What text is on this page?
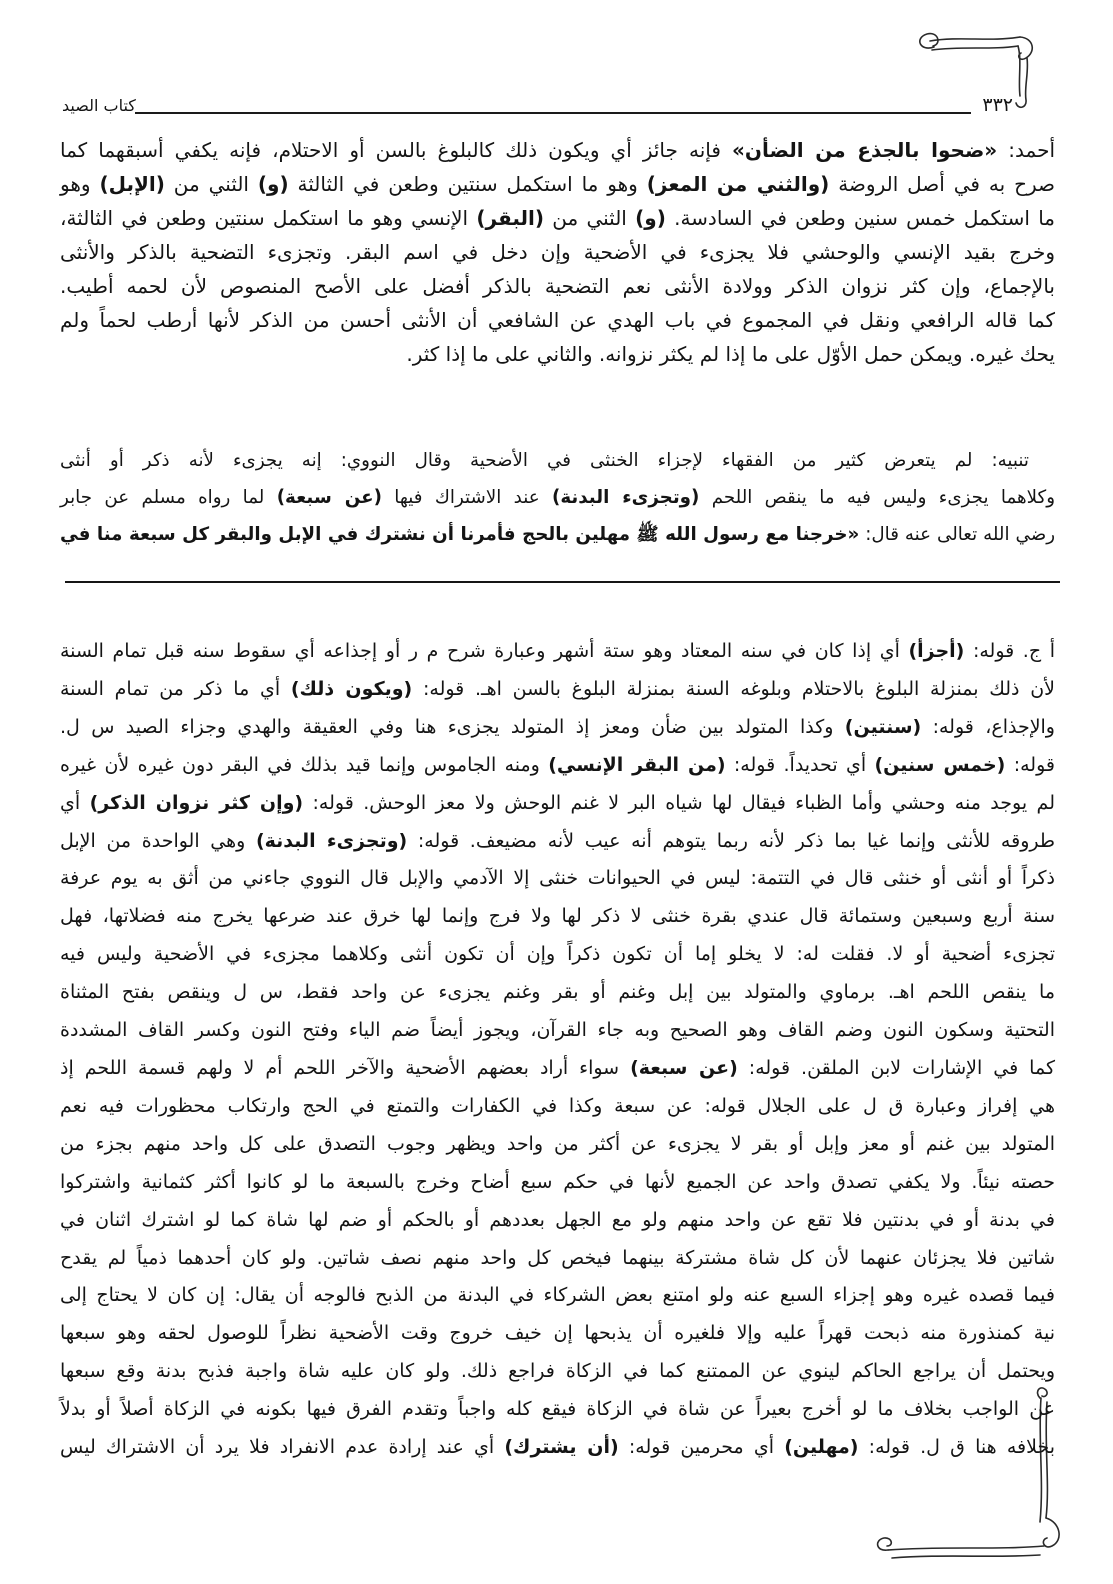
٣٣٢
كتاب الصيد
أحمد: «ضحوا بالجذع من الضأن» فإنه جائز أي ويكون ذلك كالبلوغ بالسن أو الاحتلام، فإنه يكفي أسبقهما كما
صرح به في أصل الروضة (والثني من المعز) وهو ما استكمل سنتين وطعن في الثالثة (و) الثني من (الإبل) وهو
ما استكمل خمس سنين وطعن في السادسة. (و) الثني من (البقر) الإنسي وهو ما استكمل سنتين وطعن في الثالثة،
وخرج بقيد الإنسي والوحشي فلا يجزىء في الأضحية وإن دخل في اسم البقر. وتجزىء التضحية بالذكر والأنثى
بالإجماع، وإن كثر نزوان الذكر وولادة الأنثى نعم التضحية بالذكر أفضل على الأصح المنصوص لأن لحمه أطيب.
كما قاله الرافعي ونقل في المجموع في باب الهدي عن الشافعي أن الأنثى أحسن من الذكر لأنها أرطب لحماً ولم
يحك غيره. ويمكن حمل الأوّل على ما إذا لم يكثر نزوانه. والثاني على ما إذا كثر.
تنبيه: لم يتعرض كثير من الفقهاء لإجزاء الخنثى في الأضحية وقال النووي: إنه يجزىء لأنه ذكر أو أنثى
وكلاهما يجزىء وليس فيه ما ينقص اللحم (وتجزىء البدنة) عند الاشتراك فيها (عن سبعة) لما رواه مسلم عن جابر
رضي الله تعالى عنه قال: «خرجنا مع رسول الله ﷺ مهلين بالحج فأمرنا أن نشترك في الإبل والبقر كل سبعة منا في
أ ج. قوله: (أجزأ) أي إذا كان في سنه المعتاد وهو ستة أشهر وعبارة شرح م ر أو إجذاعه أي سقوط سنه قبل تمام السنة
لأن ذلك بمنزلة البلوغ بالاحتلام وبلوغه السنة بمنزلة البلوغ بالسن اهـ. قوله: (ويكون ذلك) أي ما ذكر من تمام السنة
والإجذاع، قوله: (سنتين) وكذا المتولد بين ضأن ومعز إذ المتولد يجزىء هنا وفي العقيقة والهدي وجزاء الصيد س ل.
قوله: (خمس سنين) أي تحديداً. قوله: (من البقر الإنسي) ومنه الجاموس وإنما قيد بذلك في البقر دون غيره لأن غيره
لم يوجد منه وحشي وأما الظباء فيقال لها شياه البر لا غنم الوحش ولا معز الوحش. قوله: (وإن كثر نزوان الذكر) أي
طروقه للأنثى وإنما غيا بما ذكر لأنه ربما يتوهم أنه عيب لأنه مضيعف. قوله: (وتجزىء البدنة) وهي الواحدة من الإبل
ذكراً أو أنثى أو خنثى قال في التتمة: ليس في الحيوانات خنثى إلا الآدمي والإبل قال النووي جاءني من أثق به يوم عرفة
سنة أربع وسبعين وستمائة قال عندي بقرة خنثى لا ذكر لها ولا فرج وإنما لها خرق عند ضرعها يخرج منه فضلاتها، فهل
تجزىء أضحية أو لا. فقلت له: لا يخلو إما أن تكون ذكراً وإن أن تكون أنثى وكلاهما مجزىء في الأضحية وليس فيه
ما ينقص اللحم اهـ. برماوي والمتولد بين إبل وغنم أو بقر وغنم يجزىء عن واحد فقط، س ل وينقص بفتح المثناة
التحتية وسكون النون وضم القاف وهو الصحيح وبه جاء القرآن، ويجوز أيضاً ضم الياء وفتح النون وكسر القاف المشددة
كما في الإشارات لابن الملقن. قوله: (عن سبعة) سواء أراد بعضهم الأضحية والآخر اللحم أم لا ولهم قسمة اللحم إذ
هي إفراز وعبارة ق ل على الجلال قوله: عن سبعة وكذا في الكفارات والتمتع في الحج وارتكاب محظورات فيه نعم
المتولد بين غنم أو معز وإبل أو بقر لا يجزىء عن أكثر من واحد ويظهر وجوب التصدق على كل واحد منهم بجزء من
حصته نيئاً. ولا يكفي تصدق واحد عن الجميع لأنها في حكم سبع أضاح وخرج بالسبعة ما لو كانوا أكثر كثمانية واشتركوا
في بدنة أو في بدنتين فلا تقع عن واحد منهم ولو مع الجهل بعددهم أو بالحكم أو ضم لها شاة كما لو اشترك اثنان في
شاتين فلا يجزئان عنهما لأن كل شاة مشتركة بينهما فيخص كل واحد منهم نصف شاتين. ولو كان أحدهما ذمياً لم يقدح
فيما قصده غيره وهو إجزاء السبع عنه ولو امتنع بعض الشركاء في البدنة من الذبح فالوجه أن يقال: إن كان لا يحتاج إلى
نية كمنذورة منه ذبحت قهراً عليه وإلا فلغيره أن يذبحها إن خيف خروج وقت الأضحية نظراً للوصول لحقه وهو سبعها
ويحتمل أن يراجع الحاكم لينوي عن الممتنع كما في الزكاة فراجع ذلك. ولو كان عليه شاة واجبة فذبح بدنة وقع سبعها
عن الواجب بخلاف ما لو أخرج بعيراً عن شاة في الزكاة فيقع كله واجباً وتقدم الفرق فيها بكونه في الزكاة أصلاً أو بدلاً
بخلافه هنا ق ل. قوله: (مهلين) أي محرمين قوله: (أن يشترك) أي عند إرادة عدم الانفراد فلا يرد أن الاشتراك ليس
